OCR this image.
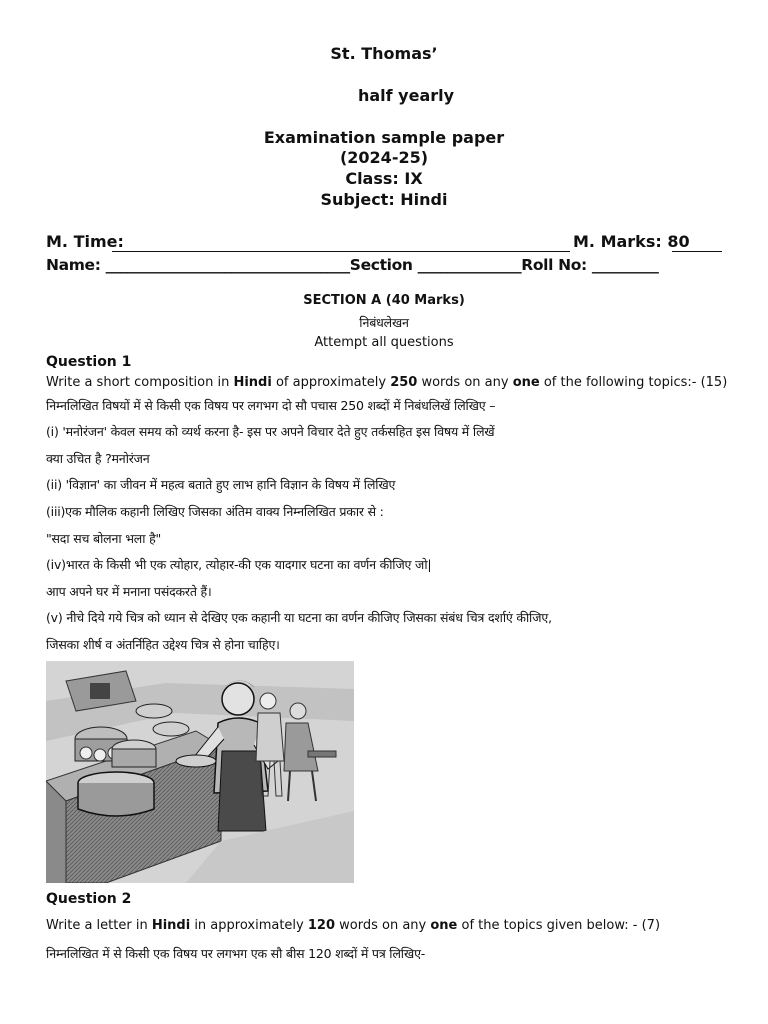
St. Thomas’
half yearly
Examination sample paper
(2024-25)
Class: IX
Subject: Hindi
M. Time:	M. Marks: 80
Name: _________________________________Section ______________Roll No: _________
SECTION A (40 Marks)
निबंधलेखन
Attempt all questions
Question 1
Write a short composition in Hindi of approximately 250 words on any one of the following topics:- (15)
निम्नलिखित विषयों में से किसी एक विषय पर लगभग दो सौ पचास 250 शब्दों में निबंधलिखें लिखिए –
(i) 'मनोरंजन' केवल समय को व्यर्थ करना है- इस पर अपने विचार देते हुए तर्कसहित इस विषय में लिखें
क्या उचित है ?मनोरंजन
(ii) 'विज्ञान' का जीवन में महत्व बताते हुए लाभ हानि विज्ञान के विषय में लिखिए
(iii)एक मौलिक कहानी लिखिए जिसका अंतिम वाक्य निम्नलिखित प्रकार से :
"सदा सच बोलना भला है"
(iv)भारत के किसी भी एक त्योहार, त्योहार-की एक यादगार घटना का वर्णन कीजिए जो|
आप अपने घर में मनाना पसंदकरते हैं।
(v) नीचे दिये गये चित्र को ध्यान से देखिए एक कहानी या घटना का वर्णन कीजिए जिसका संबंध चित्र दर्शाएं कीजिए,
जिसका शीर्ष व अंतर्निहित उद्देश्य चित्र से होना चाहिए।
Question 2
Write a letter in Hindi in approximately 120 words on any one of the topics given below: - (7)
निम्नलिखित में से किसी एक विषय पर लगभग एक सौ बीस 120 शब्दों में पत्र लिखिए-
